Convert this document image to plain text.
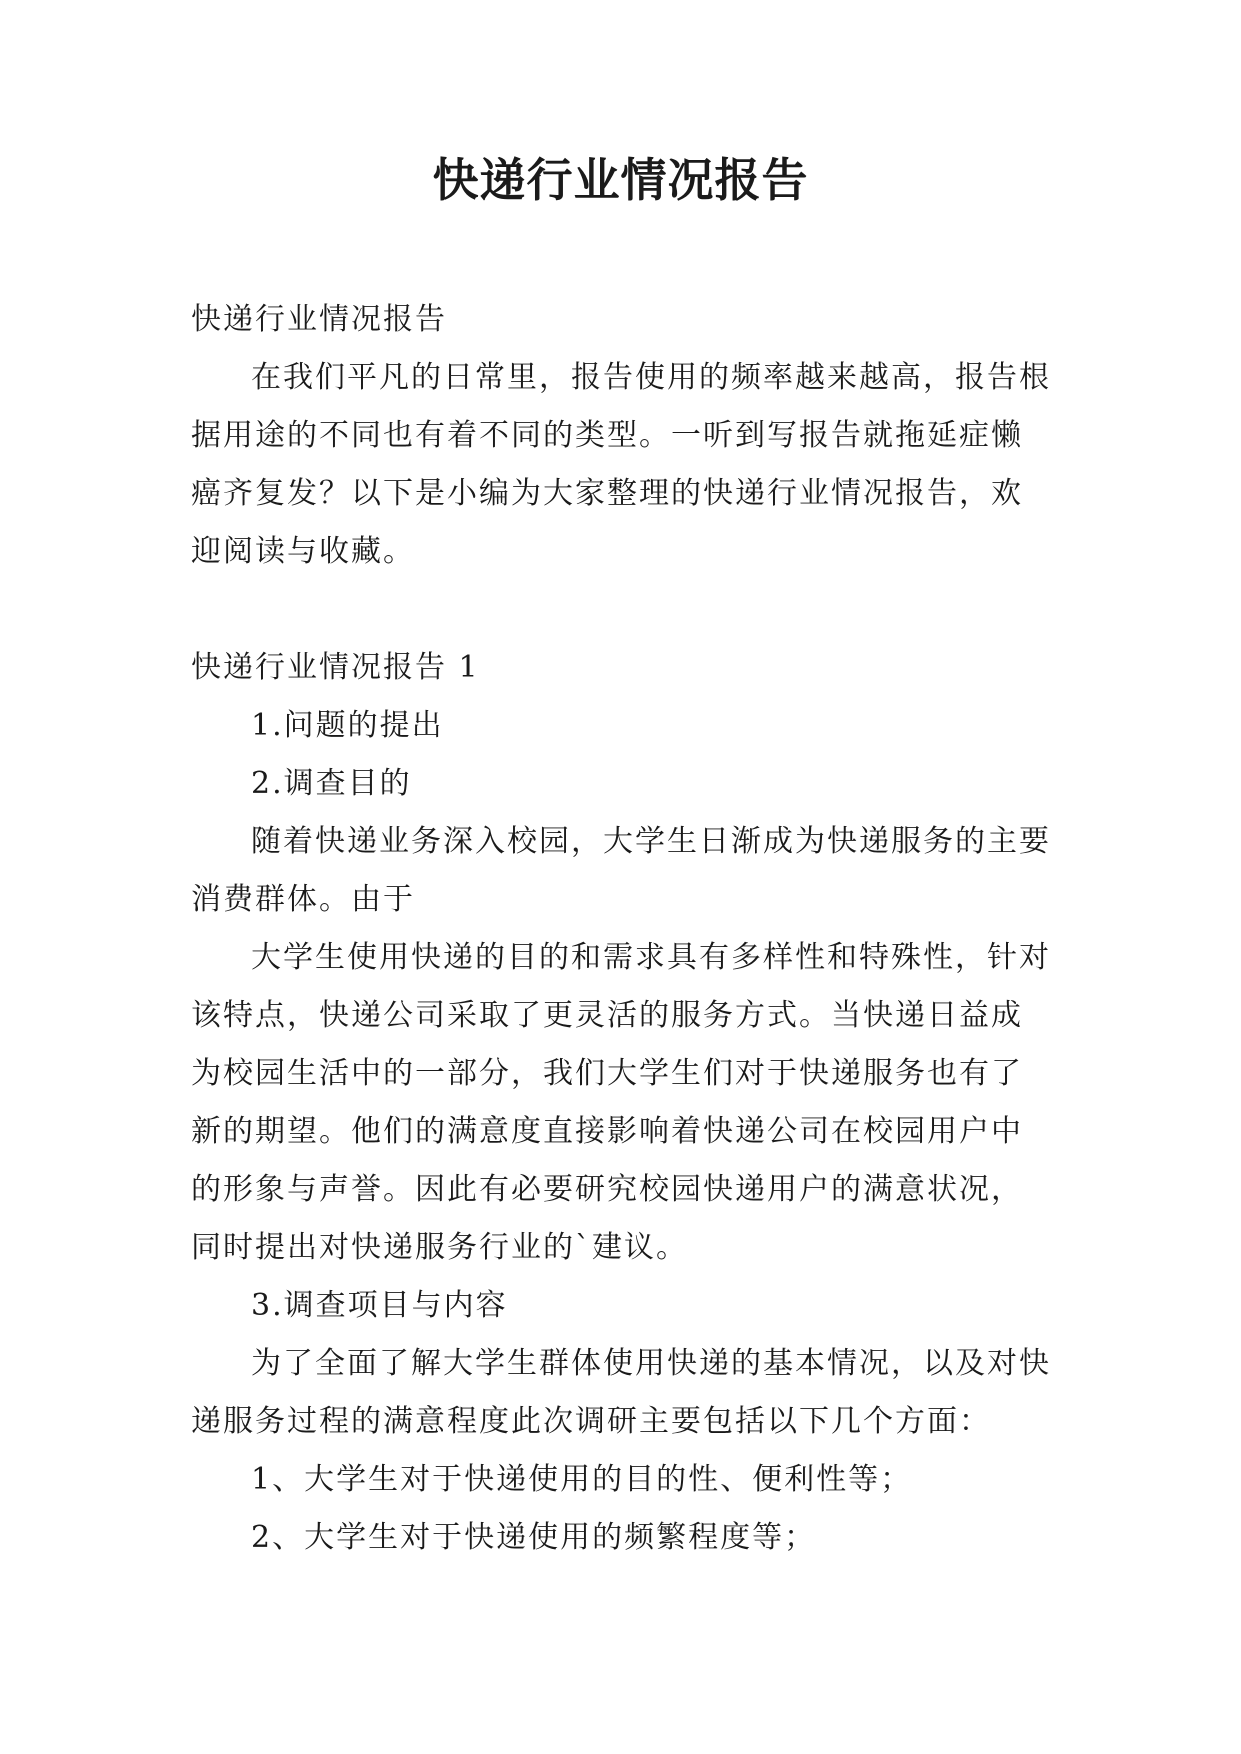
快递行业情况报告

快递行业情况报告

在我们平凡的日常里，报告使用的频率越来越高，报告根据用途的不同也有着不同的类型。一听到写报告就拖延症懒癌齐复发？以下是小编为大家整理的快递行业情况报告，欢迎阅读与收藏。

快递行业情况报告 1

1.问题的提出

2.调查目的

随着快递业务深入校园，大学生日渐成为快递服务的主要消费群体。由于

大学生使用快递的目的和需求具有多样性和特殊性，针对该特点，快递公司采取了更灵活的服务方式。当快递日益成为校园生活中的一部分，我们大学生们对于快递服务也有了新的期望。他们的满意度直接影响着快递公司在校园用户中的形象与声誉。因此有必要研究校园快递用户的满意状况，同时提出对快递服务行业的`建议。

3.调查项目与内容

为了全面了解大学生群体使用快递的基本情况，以及对快递服务过程的满意程度此次调研主要包括以下几个方面：

1、大学生对于快递使用的目的性、便利性等；

2、大学生对于快递使用的频繁程度等；
